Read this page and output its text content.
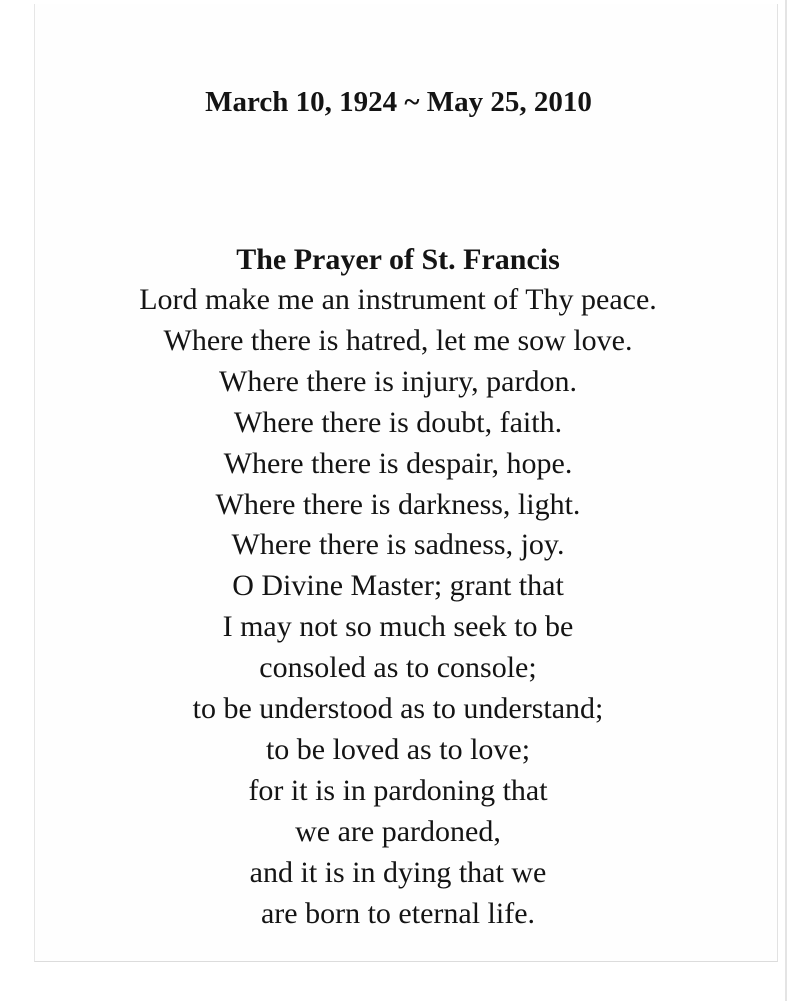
March 10, 1924 ~ May 25, 2010
The Prayer of St. Francis
Lord make me an instrument of Thy peace.
Where there is hatred, let me sow love.
Where there is injury, pardon.
Where there is doubt, faith.
Where there is despair, hope.
Where there is darkness, light.
Where there is sadness, joy.
O Divine Master; grant that
I may not so much seek to be
consoled as to console;
to be understood as to understand;
to be loved as to love;
for it is in pardoning that
we are pardoned,
and it is in dying that we
are born to eternal life.
